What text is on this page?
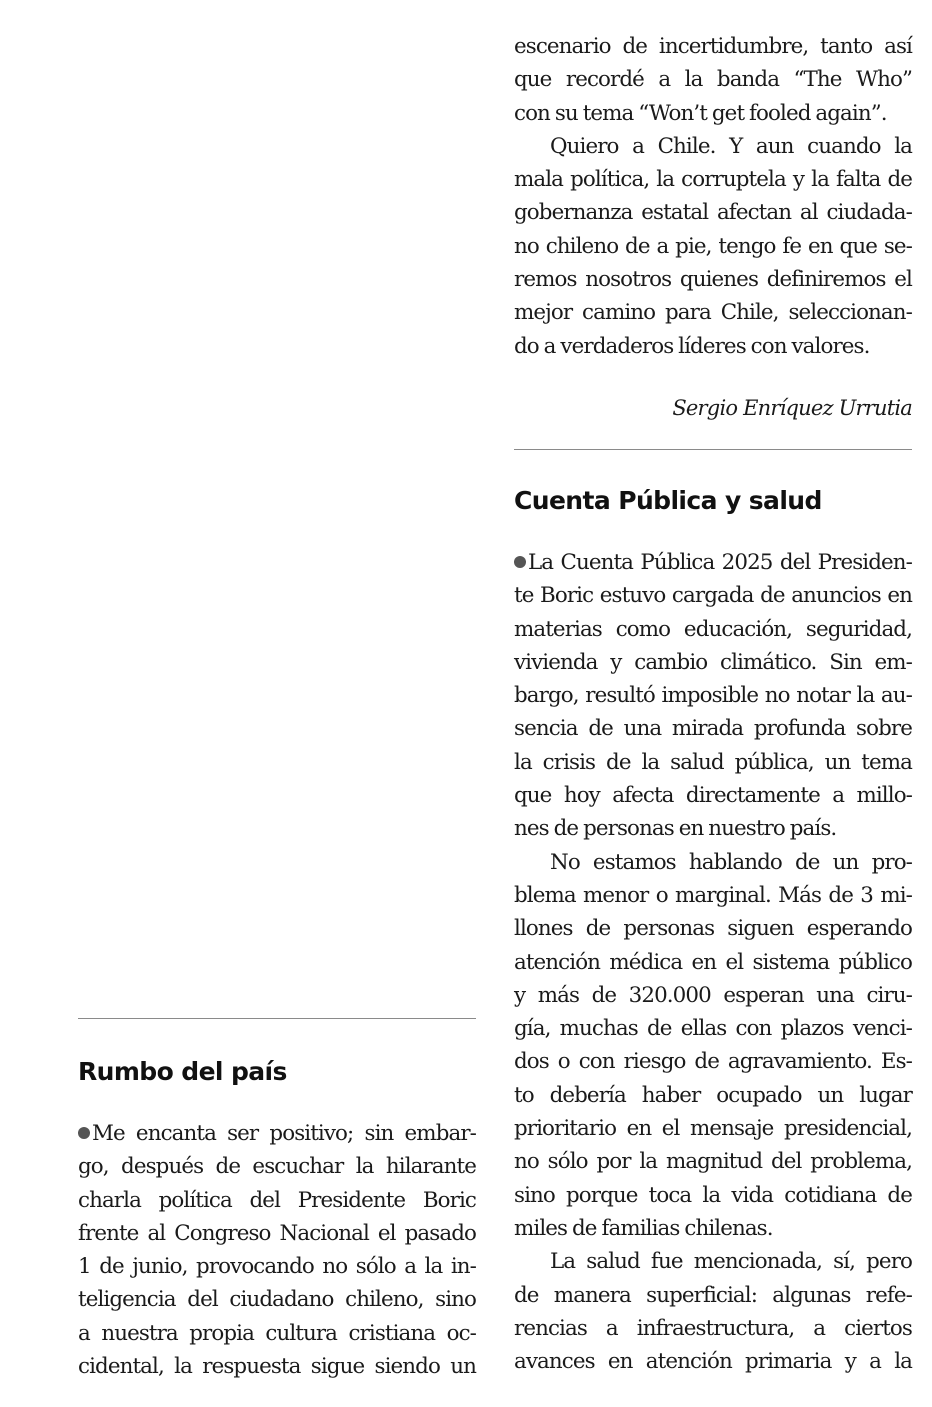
escenario de incertidumbre, tanto así
que recordé a la banda “The Who”
con su tema “Won’t get fooled again”.

Quiero a Chile. Y aun cuando la
mala política, la corruptela y la falta de
gobernanza estatal afectan al ciudada-
no chileno de a pie, tengo fe en que se-
remos nosotros quienes definiremos el
mejor camino para Chile, seleccionan-
do a verdaderos líderes con valores.

Sergio Enríquez Urrutia

Cuenta Pública y salud

La Cuenta Pública 2025 del Presiden-
te Boric estuvo cargada de anuncios en
materias como educación, seguridad,
vivienda y cambio climático. Sin em-
bargo, resultó imposible no notar la au-
sencia de una mirada profunda sobre
la crisis de la salud pública, un tema
que hoy afecta directamente a millo-
nes de personas en nuestro país.

No estamos hablando de un pro-
blema menor o marginal. Más de 3 mi-
llones de personas siguen esperando
atención médica en el sistema público
y más de 320.000 esperan una ciru-
gía, muchas de ellas con plazos venci-
dos o con riesgo de agravamiento. Es-
to debería haber ocupado un lugar
prioritario en el mensaje presidencial,
no sólo por la magnitud del problema,
sino porque toca la vida cotidiana de
miles de familias chilenas.

La salud fue mencionada, sí, pero
de manera superficial: algunas refe-
rencias a infraestructura, a ciertos
avances en atención primaria y a la

Rumbo del país

Me encanta ser positivo; sin embar-
go, después de escuchar la hilarante
charla política del Presidente Boric
frente al Congreso Nacional el pasado
1 de junio, provocando no sólo a la in-
teligencia del ciudadano chileno, sino
a nuestra propia cultura cristiana oc-
cidental, la respuesta sigue siendo un
